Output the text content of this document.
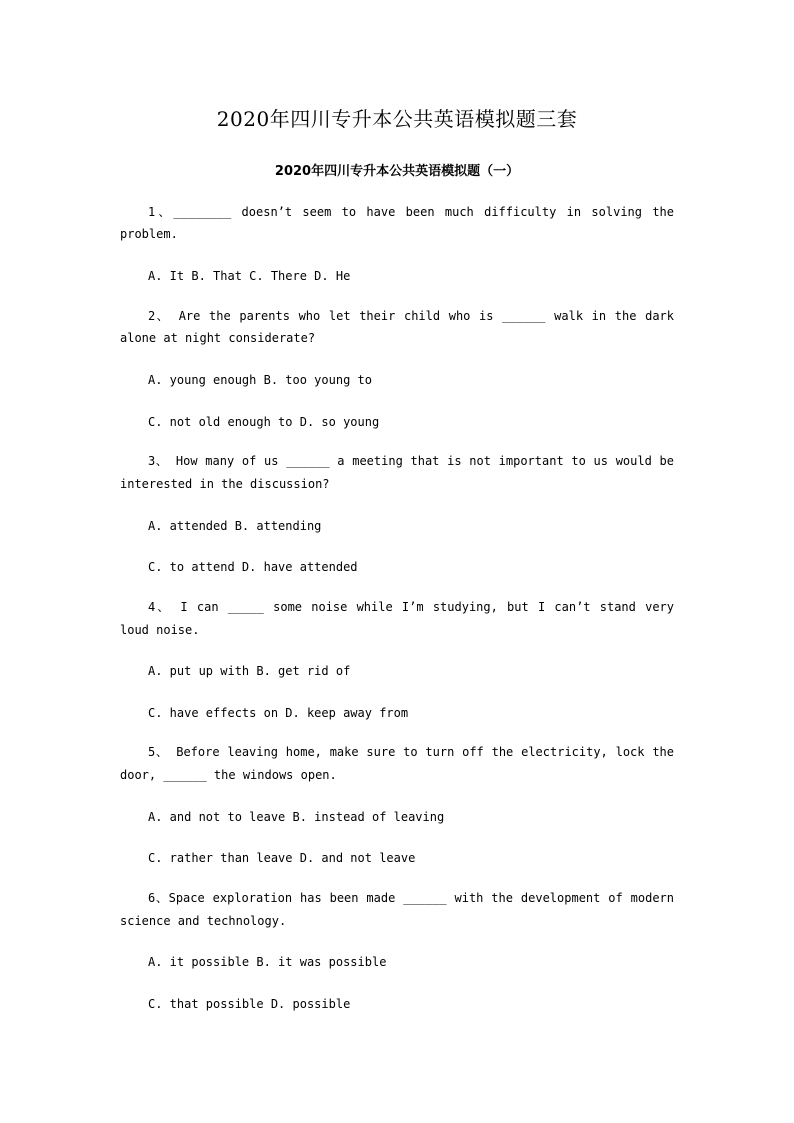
2020年四川专升本公共英语模拟题三套
2020年四川专升本公共英语模拟题（一）

1、________ doesn’t seem to have been much difficulty in solving the

problem.

A. It B. That C. There D. He

2、 Are the parents who let their child who is ______ walk in the dark

alone at night considerate?

A. young enough B. too young to

C. not old enough to D. so young

3、 How many of us ______ a meeting that is not important to us would be

interested in the discussion?

A. attended B. attending

C. to attend D. have attended

4、 I can _____ some noise while I’m studying, but I can’t stand very

loud noise.

A. put up with B. get rid of

C. have effects on D. keep away from

5、 Before leaving home, make sure to turn off the electricity, lock the

door, ______ the windows open.

A. and not to leave B. instead of leaving

C. rather than leave D. and not leave

6、Space exploration has been made ______ with the development of modern

science and technology.

A. it possible B. it was possible

C. that possible D. possible
